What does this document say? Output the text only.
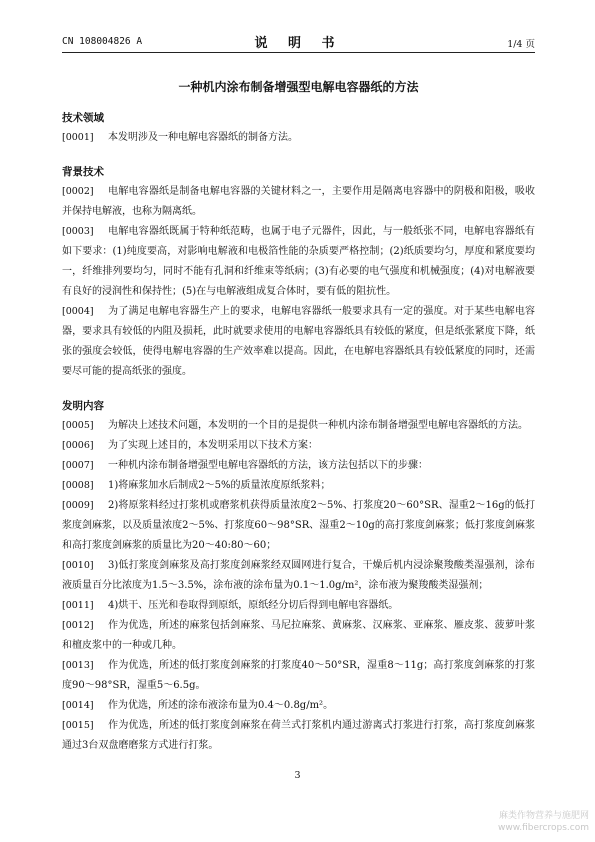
CN 108004826 A	说 明 书	1/4 页
一种机内涂布制备增强型电解电容器纸的方法
技术领域
[0001] 本发明涉及一种电解电容器纸的制备方法。
背景技术
[0002] 电解电容器纸是制备电解电容器的关键材料之一，主要作用是隔离电容器中的阴极和阳极，吸收并保持电解液，也称为隔离纸。
[0003] 电解电容器纸既属于特种纸范畴，也属于电子元器件，因此，与一般纸张不同，电解电容器纸有如下要求：(1)纯度要高，对影响电解液和电极箔性能的杂质要严格控制；(2)纸质要均匀，厚度和紧度要均一，纤维排列要均匀，同时不能有孔洞和纤维束等纸病；(3)有必要的电气强度和机械强度；(4)对电解液要有良好的浸润性和保持性；(5)在与电解液组成复合体时，要有低的阻抗性。
[0004] 为了满足电解电容器生产上的要求，电解电容器纸一般要求具有一定的强度。对于某些电解电容器，要求具有较低的内阻及损耗，此时就要求使用的电解电容器纸具有较低的紧度，但是纸张紧度下降，纸张的强度会较低，使得电解电容器的生产效率难以提高。因此，在电解电容器纸具有较低紧度的同时，还需要尽可能的提高纸张的强度。
发明内容
[0005] 为解决上述技术问题，本发明的一个目的是提供一种机内涂布制备增强型电解电容器纸的方法。
[0006] 为了实现上述目的，本发明采用以下技术方案：
[0007] 一种机内涂布制备增强型电解电容器纸的方法，该方法包括以下的步骤：
[0008] 1)将麻浆加水后制成2～5%的质量浓度原纸浆料；
[0009] 2)将原浆料经过打浆机或磨浆机获得质量浓度2～5%、打浆度20～60°SR、湿重2～16g的低打浆度剑麻浆，以及质量浓度2～5%、打浆度60～98°SR、湿重2～10g的高打浆度剑麻浆；低打浆度剑麻浆和高打浆度剑麻浆的质量比为20～40:80～60；
[0010] 3)低打浆度剑麻浆及高打浆度剑麻浆经双圆网进行复合，干燥后机内浸涂聚羧酸类湿强剂，涂布液质量百分比浓度为1.5～3.5%，涂布液的涂布量为0.1～1.0g/m²，涂布液为聚羧酸类湿强剂；
[0011] 4)烘干、压光和卷取得到原纸，原纸经分切后得到电解电容器纸。
[0012] 作为优选，所述的麻浆包括剑麻浆、马尼拉麻浆、黄麻浆、汉麻浆、亚麻浆、雁皮浆、菠萝叶浆和檀皮浆中的一种或几种。
[0013] 作为优选，所述的低打浆度剑麻浆的打浆度40～50°SR，湿重8～11g；高打浆度剑麻浆的打浆度90～98°SR，湿重5～6.5g。
[0014] 作为优选，所述的涂布液涂布量为0.4～0.8g/m²。
[0015] 作为优选，所述的低打浆度剑麻浆在荷兰式打浆机内通过游离式打浆进行打浆，高打浆度剑麻浆通过3台双盘磨磨浆方式进行打浆。
3
麻类作物营养与施肥网
www.fibercrops.com
